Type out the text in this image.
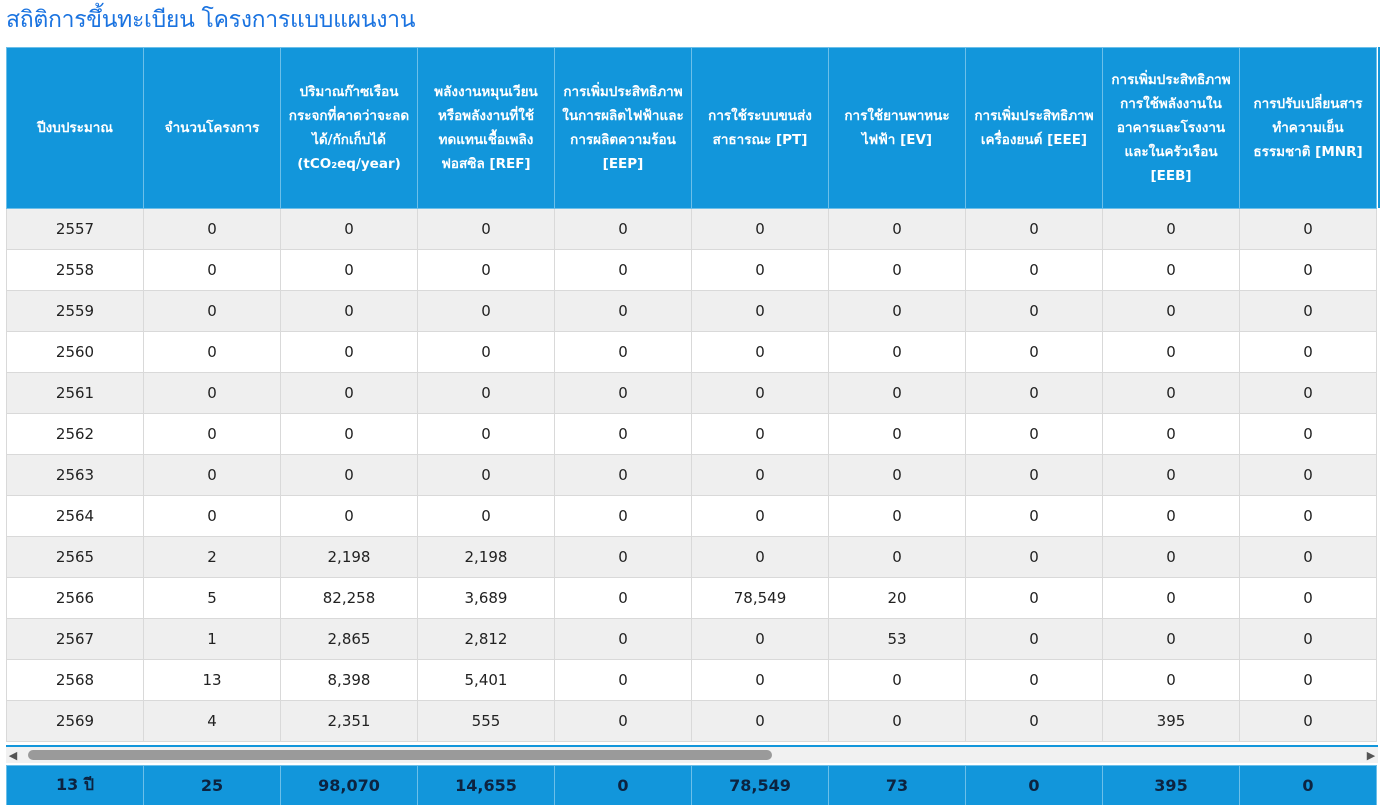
สถิติการขึ้นทะเบียน โครงการแบบแผนงาน
ปีงบประมาณ	จำนวนโครงการ	ปริมาณก๊าซเรือนกระจกที่คาดว่าจะลดได้/กักเก็บได้ (tCO₂eq/year)	พลังงานหมุนเวียนหรือพลังงานที่ใช้ทดแทนเชื้อเพลิงฟอสซิล [REF]	การเพิ่มประสิทธิภาพในการผลิตไฟฟ้าและการผลิตความร้อน [EEP]	การใช้ระบบขนส่งสาธารณะ [PT]	การใช้ยานพาหนะไฟฟ้า [EV]	การเพิ่มประสิทธิภาพเครื่องยนต์ [EEE]	การเพิ่มประสิทธิภาพการใช้พลังงานในอาคารและโรงงานและในครัวเรือน [EEB]	การปรับเปลี่ยนสารทำความเย็นธรรมชาติ [MNR]
2557	0	0	0	0	0	0	0	0	0
2558	0	0	0	0	0	0	0	0	0
2559	0	0	0	0	0	0	0	0	0
2560	0	0	0	0	0	0	0	0	0
2561	0	0	0	0	0	0	0	0	0
2562	0	0	0	0	0	0	0	0	0
2563	0	0	0	0	0	0	0	0	0
2564	0	0	0	0	0	0	0	0	0
2565	2	2,198	2,198	0	0	0	0	0	0
2566	5	82,258	3,689	0	78,549	20	0	0	0
2567	1	2,865	2,812	0	0	53	0	0	0
2568	13	8,398	5,401	0	0	0	0	0	0
2569	4	2,351	555	0	0	0	0	395	0
◀	▶
13 ปี	25	98,070	14,655	0	78,549	73	0	395	0
